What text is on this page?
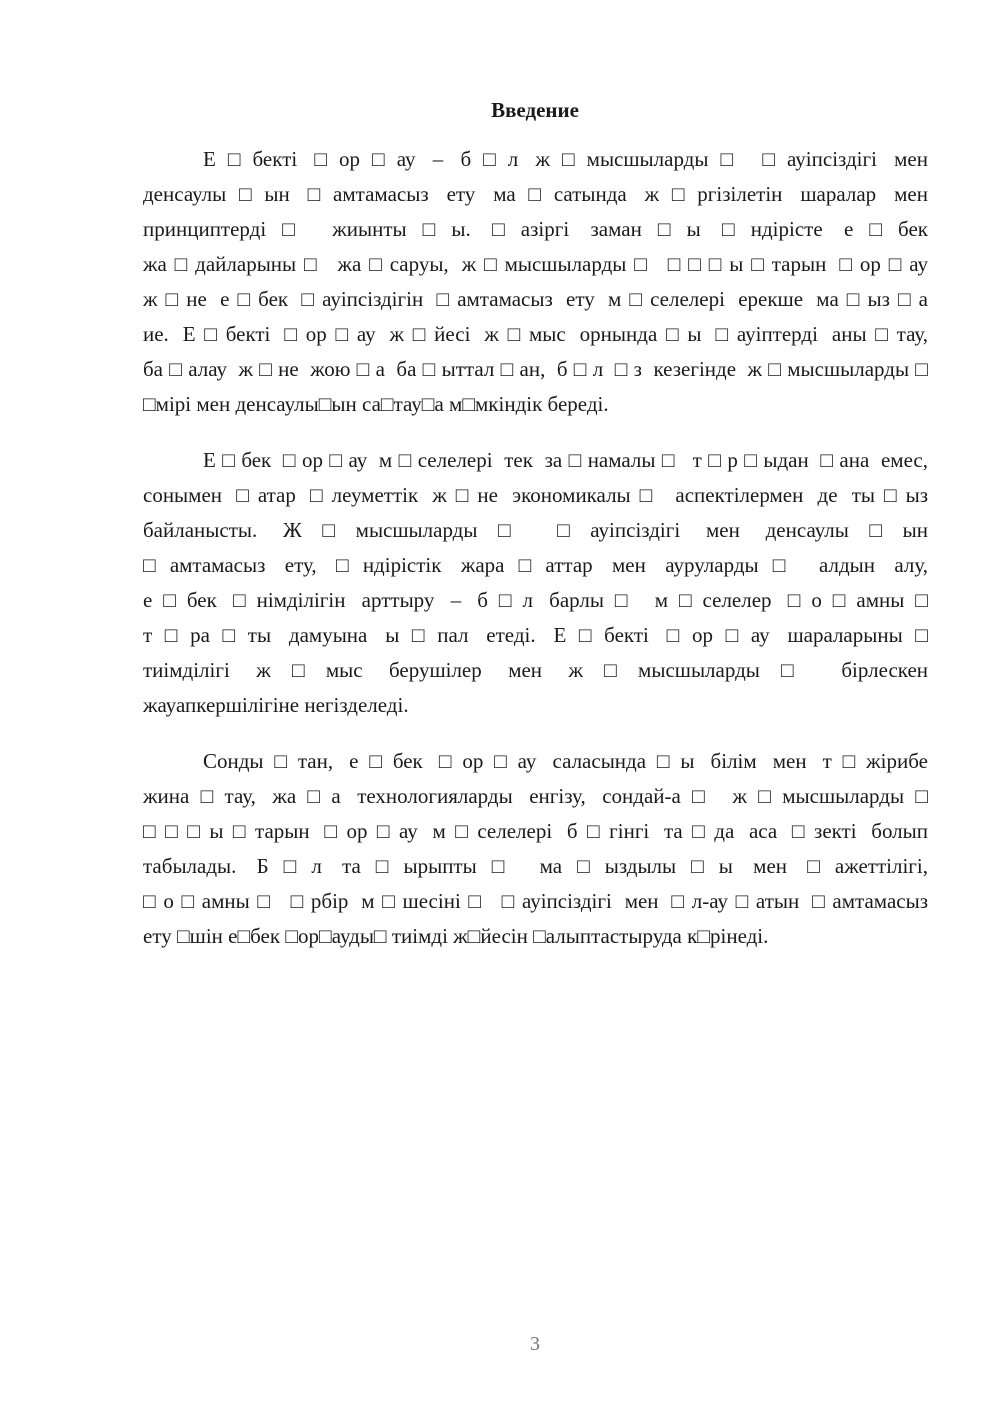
Введение
Е□бекті □ор□ау – б□л ж□мысшыларды□ □ауіпсіздігі мен
денсаулы□ын □амтамасыз ету ма□сатында ж□ргізілетін шаралар мен
принциптерді□ жиынты□ы. □азіргі заман□ы □ндірісте е□бек
жа□дайларыны□ жа□саруы, ж□мысшыларды□ □□□ы□тарын □ор□ау
ж□не е□бек □ауіпсіздігін □амтамасыз ету м□селелері ерекше ма□ыз□а
ие. Е□бекті □ор□ау ж□йесі ж□мыс орнында□ы □ауіптерді аны□тау,
ба□алау ж□не жою□а ба□ыттал□ан, б□л □з кезегінде ж□мысшыларды□
□мірі мен денсаулы□ын са□тау□а м□мкіндік береді.
Е□бек □ор□ау м□селелері тек за□намалы□ т□р□ыдан □ана емес,
сонымен □атар □леуметтік ж□не экономикалы□ аспектілермен де ты□ыз
байланысты. Ж□мысшыларды□ □ауіпсіздігі мен денсаулы□ын
□амтамасыз ету, □ндірістік жара□аттар мен ауруларды□ алдын алу,
е□бек □німділігін арттыру – б□л барлы□ м□селелер □о□амны□
т□ра□ты дамуына ы□пал етеді. Е□бекті □ор□ау шараларыны□
тиімділігі ж□мыс берушілер мен ж□мысшыларды□ бірлескен
жауапкершілігіне негізделеді.
Сонды□тан, е□бек □ор□ау саласында□ы білім мен т□жірибе
жина□тау, жа□а технологияларды енгізу, сондай-а□ ж□мысшыларды□
□□□ы□тарын □ор□ау м□селелері б□гінгі та□да аса □зекті болып
табылады. Б□л та□ырыпты□ ма□ыздылы□ы мен □ажеттілігі,
□о□амны□ □рбір м□шесіні□ □ауіпсіздігі мен □л-ау□атын □амтамасыз
ету □шін е□бек □ор□ауды□ тиімді ж□йесін □алыптастыруда к□рінеді.
3
